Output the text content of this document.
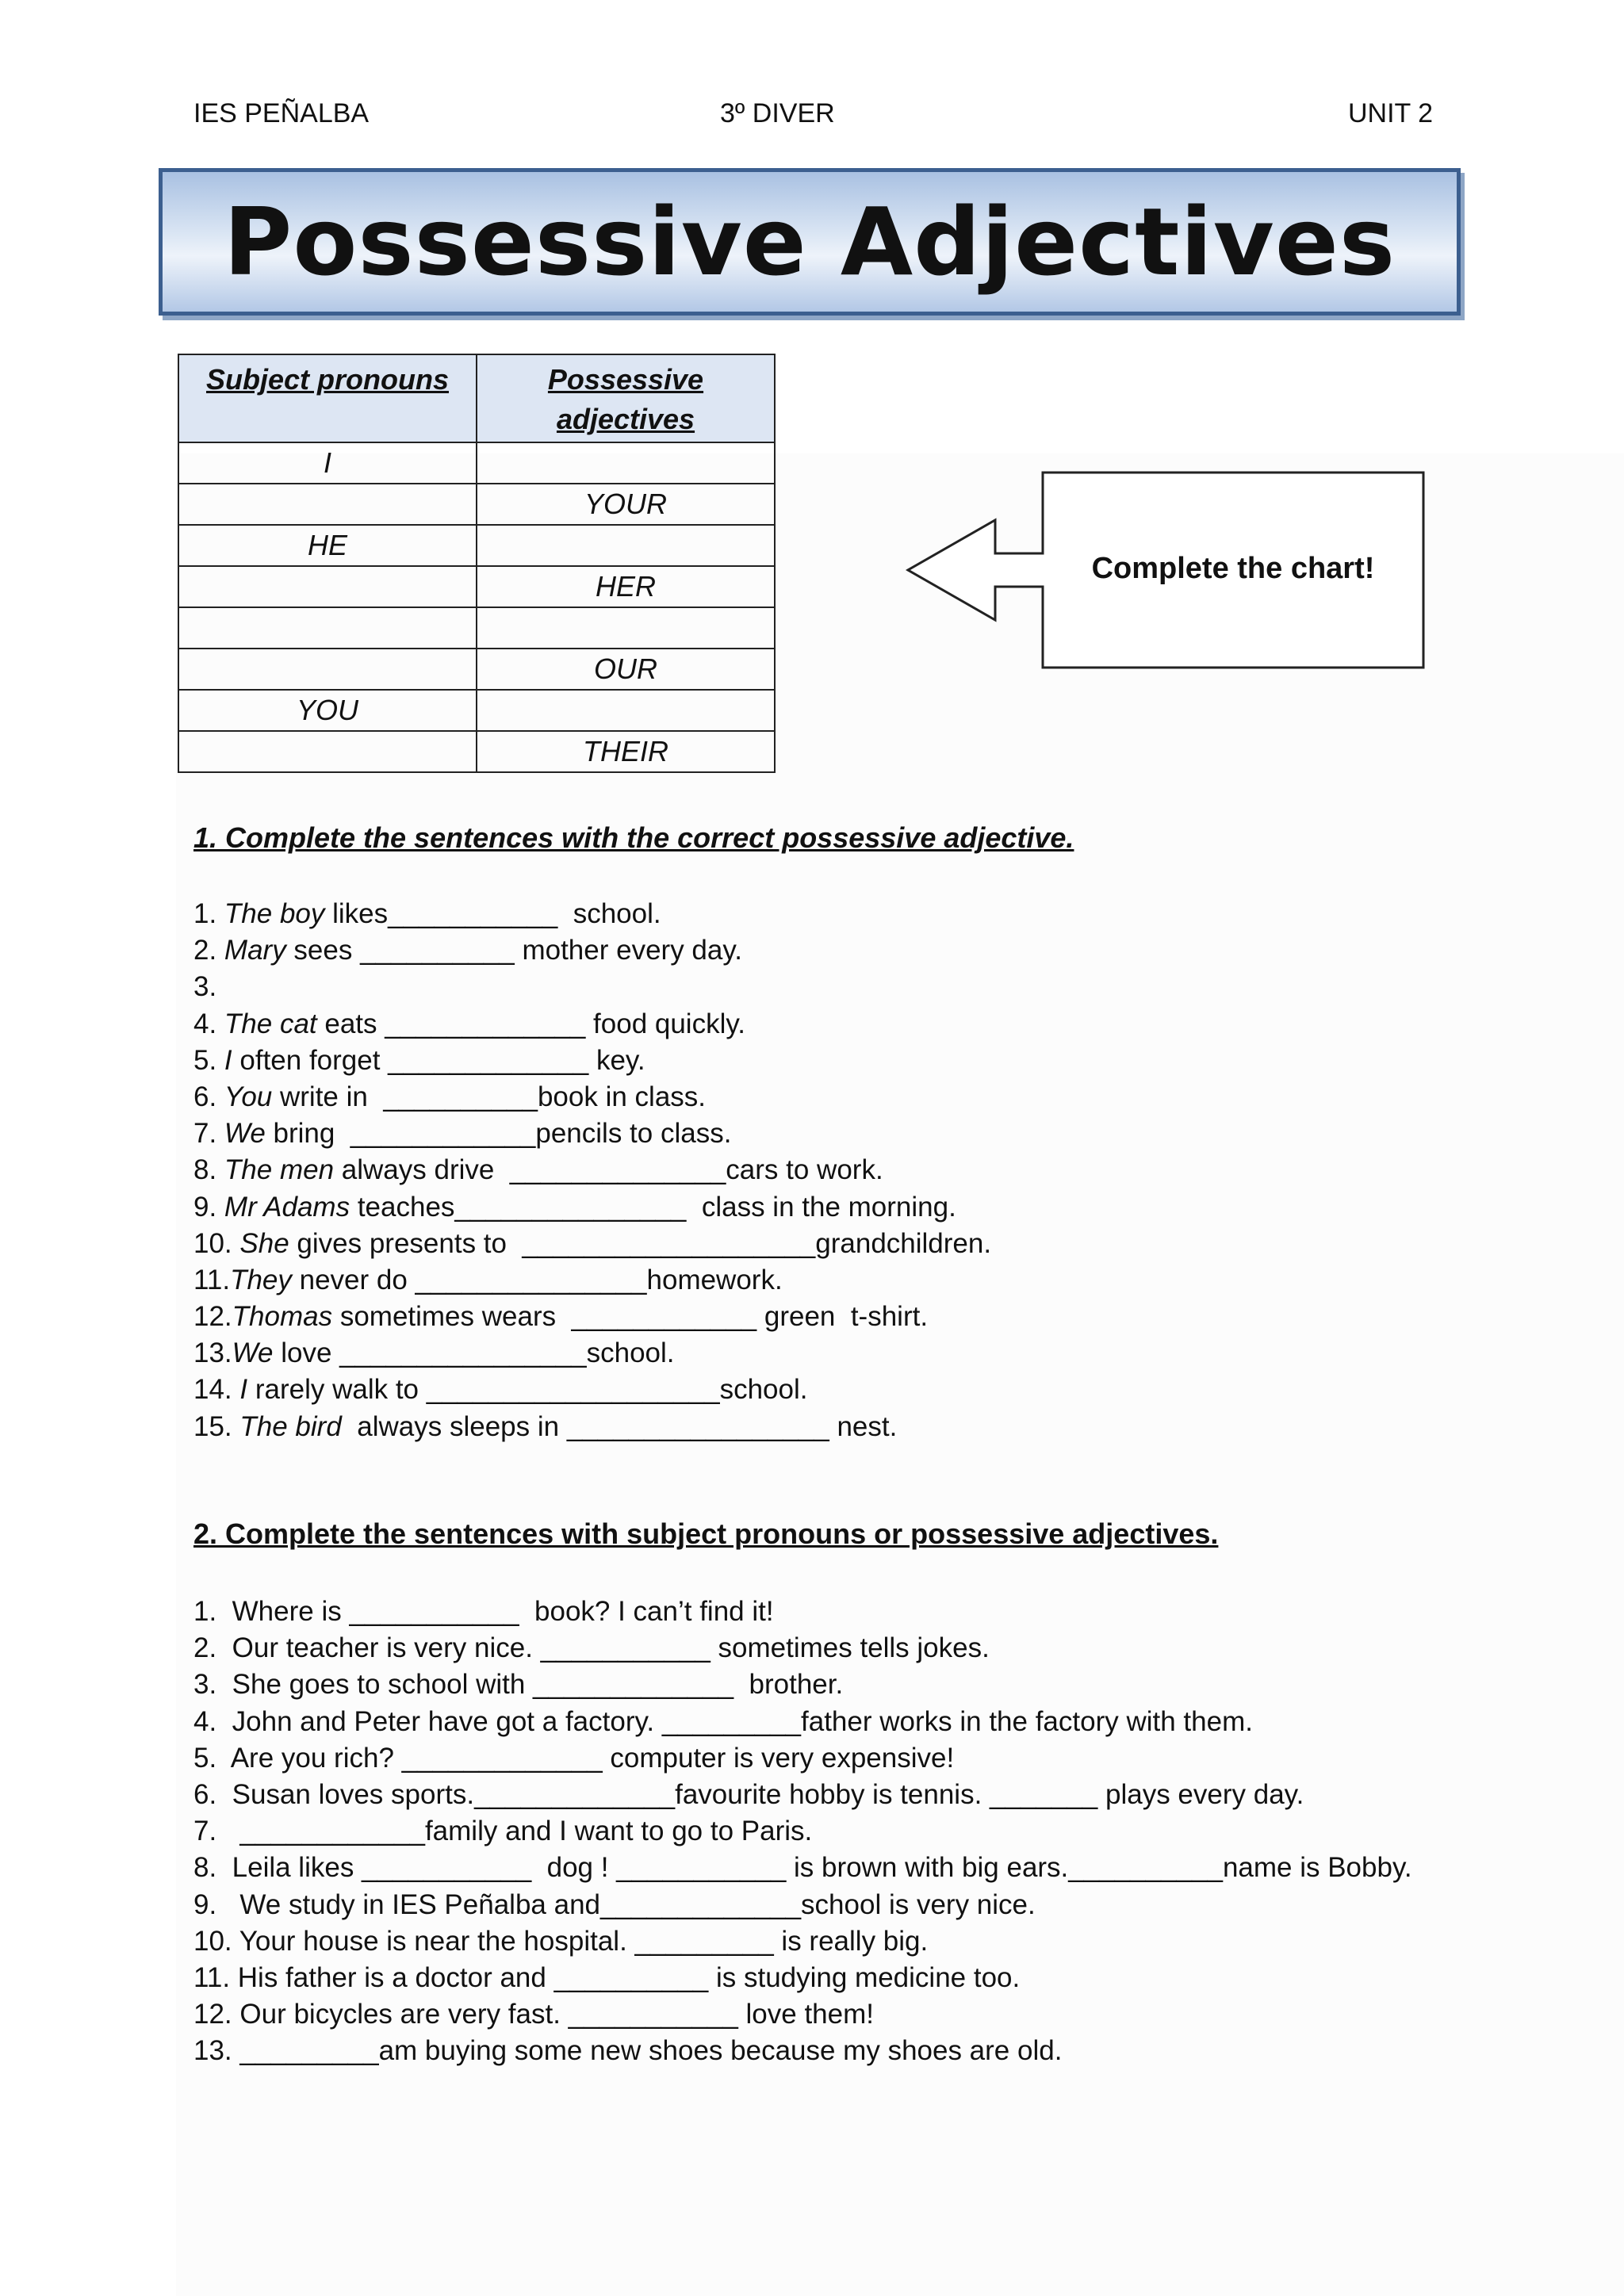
IES PEÑALBA	3º DIVER	UNIT 2
Possessive Adjectives
Subject pronouns	Possessive adjectives
I	
	YOUR
HE	
	HER

	OUR
YOU	
	THEIR
Complete the chart!
1. Complete the sentences with the correct possessive adjective.
1. The boy likes___________  school.
2. Mary sees __________ mother every day.
3.
4. The cat eats _____________ food quickly.
5. I often forget _____________ key.
6. You write in  __________book in class.
7. We bring  ____________pencils to class.
8. The men always drive  ______________cars to work.
9. Mr Adams teaches_______________  class in the morning.
10. She gives presents to  ___________________grandchildren.
11.They never do _______________homework.
12.Thomas sometimes wears  ____________ green  t-shirt.
13.We love ________________school.
14. I rarely walk to ___________________school.
15. The bird  always sleeps in _________________ nest.
2. Complete the sentences with subject pronouns or possessive adjectives.
1.  Where is ___________  book? I can’t find it!
2.  Our teacher is very nice. ___________ sometimes tells jokes.
3.  She goes to school with _____________  brother.
4.  John and Peter have got a factory. _________father works in the factory with them.
5.  Are you rich? _____________ computer is very expensive!
6.  Susan loves sports._____________favourite hobby is tennis. _______ plays every day.
7.   ____________family and I want to go to Paris.
8.  Leila likes ___________  dog ! ___________ is brown with big ears.__________name is Bobby.
9.   We study in IES Peñalba and_____________school is very nice.
10. Your house is near the hospital. _________ is really big.
11. His father is a doctor and __________ is studying medicine too.
12. Our bicycles are very fast. ___________ love them!
13. _________am buying some new shoes because my shoes are old.
